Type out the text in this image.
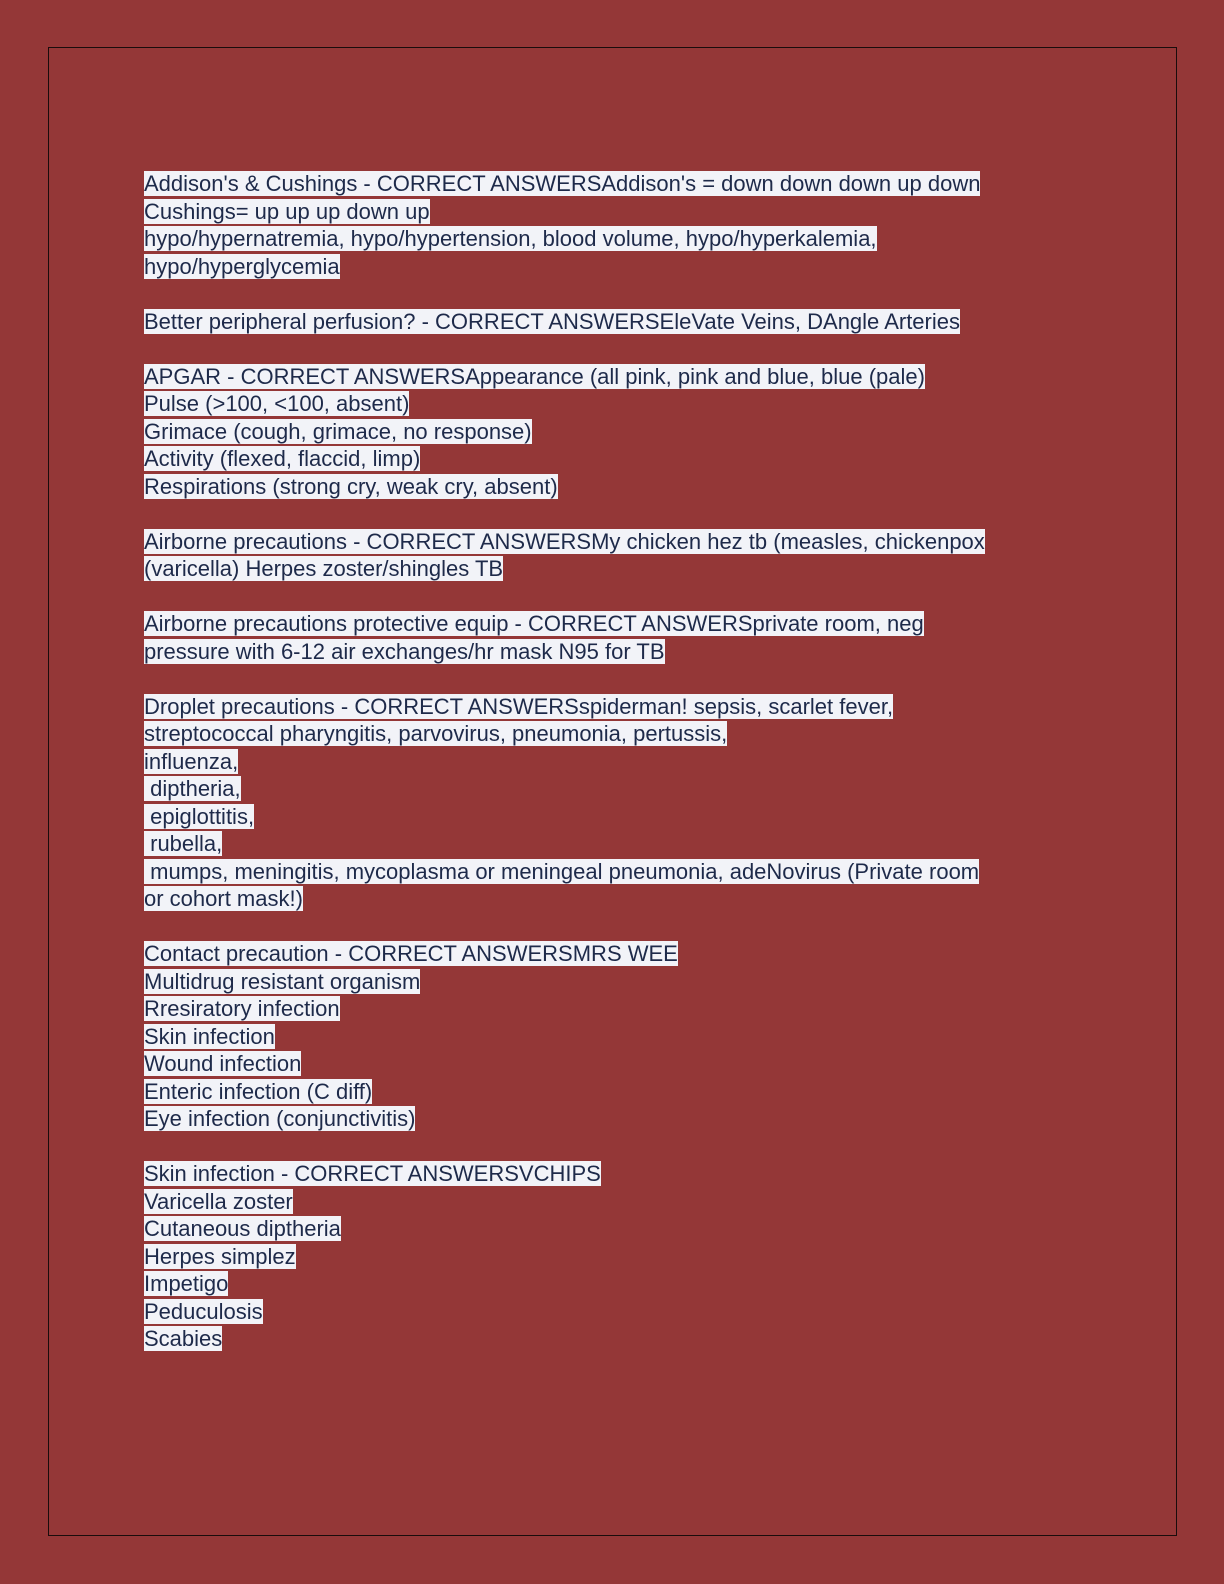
Addison's & Cushings - CORRECT ANSWERSAddison's = down down down up down
Cushings= up up up down up
hypo/hypernatremia, hypo/hypertension, blood volume, hypo/hyperkalemia,
hypo/hyperglycemia
Better peripheral perfusion? - CORRECT ANSWERSEleVate Veins, DAngle Arteries
APGAR - CORRECT ANSWERSAppearance (all pink, pink and blue, blue (pale)
Pulse (>100, <100, absent)
Grimace (cough, grimace, no response)
Activity (flexed, flaccid, limp)
Respirations (strong cry, weak cry, absent)
Airborne precautions - CORRECT ANSWERSMy chicken hez tb (measles, chickenpox
(varicella) Herpes zoster/shingles TB
Airborne precautions protective equip - CORRECT ANSWERSprivate room, neg
pressure with 6-12 air exchanges/hr mask N95 for TB
Droplet precautions - CORRECT ANSWERSspiderman! sepsis, scarlet fever,
streptococcal pharyngitis, parvovirus, pneumonia, pertussis,
influenza,
diptheria,
epiglottitis,
rubella,
mumps, meningitis, mycoplasma or meningeal pneumonia, adeNovirus (Private room
or cohort mask!)
Contact precaution - CORRECT ANSWERSMRS WEE
Multidrug resistant organism
Rresiratory infection
Skin infection
Wound infection
Enteric infection (C diff)
Eye infection (conjunctivitis)
Skin infection - CORRECT ANSWERSVCHIPS
Varicella zoster
Cutaneous diptheria
Herpes simplez
Impetigo
Peduculosis
Scabies
